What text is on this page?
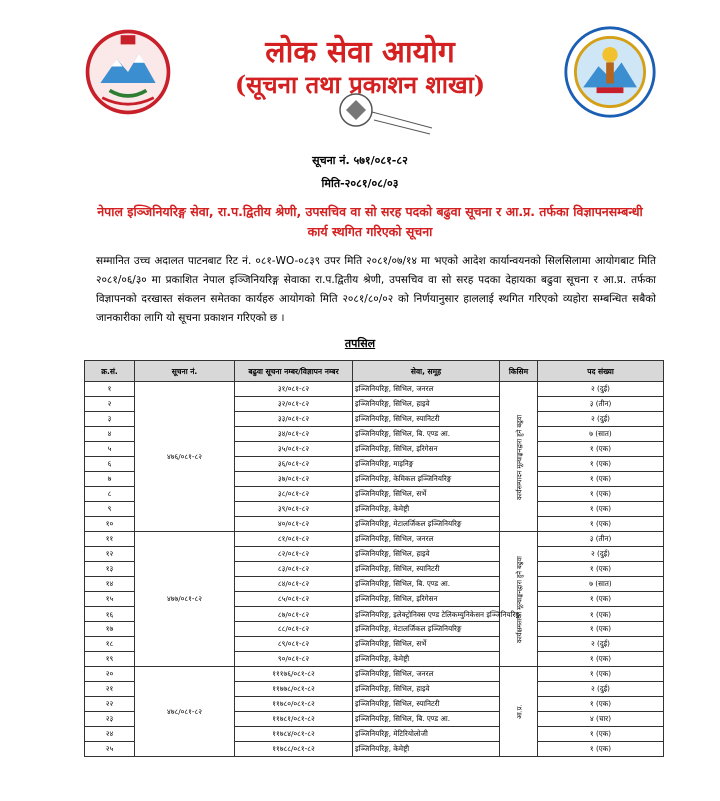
लोक सेवा आयोग
(सूचना तथा प्रकाशन शाखा)
सूचना नं. ५७१/०८१-८२
मिति-२०८१/०८/०३
नेपाल इञ्जिनियरिङ्ग सेवा, रा.प.द्वितीय श्रेणी, उपसचिव वा सो सरह पदको बढुवा सूचना र आ.प्र. तर्फका विज्ञापनसम्बन्धी कार्य स्थगित गरिएको सूचना
सम्मानित उच्च अदालत पाटनबाट रिट नं. ०८१-WO-०८३९ उपर मिति २०८१/०७/१४ मा भएको आदेश कार्यान्वयनको सिलसिलामा आयोगबाट मिति २०८१/०६/३० मा प्रकाशित नेपाल इञ्जिनियरिङ्ग सेवाका रा.प.द्वितीय श्रेणी, उपसचिव वा सो सरह पदका देहायका बढुवा सूचना र आ.प्र. तर्फका विज्ञापनको दरखास्त संकलन समेतका कार्यहरु आयोगको मिति २०८१/८०/०२ को निर्णयानुसार हाललाई स्थगित गरिएको व्यहोरा सम्बन्धित सबैको जानकारीका लागि यो सूचना प्रकाशन गरिएको छ ।
तपसिल
क्र.सं.	सूचना नं.	बढुवा सूचना नम्बर/विज्ञापन नम्बर	सेवा, समूह	किसिम	पद संख्या
१	४७६/०८१-८२	३१/०८१-८२	इञ्जिनियरिङ्ग, सिभिल, जनरल	कार्यसम्पादन मूल्याङ्कनद्वारा हुने बढुवा	२ (दुई)
२		३२/०८१-८२	इञ्जिनियरिङ्ग, सिभिल, हाइवे		३ (तीन)
३		३३/०८१-८२	इञ्जिनियरिङ्ग, सिभिल, स्यानिटरी		२ (दुई)
४		३४/०८१-८२	इञ्जिनियरिङ्ग, सिभिल, बि. एण्ड आ.		७ (सात)
५		३५/०८१-८२	इञ्जिनियरिङ्ग, सिभिल, इरिगेसन		१ (एक)
६		३६/०८१-८२	इञ्जिनियरिङ्ग, माइनिङ्ग		१ (एक)
७		३७/०८१-८२	इञ्जिनियरिङ्ग, केमिकल इञ्जिनियरिङ्ग		१ (एक)
८		३८/०८१-८२	इञ्जिनियरिङ्ग, सिभिल, सर्भे		१ (एक)
९		३९/०८१-८२	इञ्जिनियरिङ्ग, केमेष्ट्री		१ (एक)
१०		४०/०८१-८२	इञ्जिनियरिङ्ग, मेटालर्जिकल इञ्जिनियरिङ्ग		१ (एक)
११	४७७/०८१-८२	८१/०८१-८२	इञ्जिनियरिङ्ग, सिभिल, जनरल	कार्यक्षमताको मूल्याङ्कनद्वारा हुने बढुवा	३ (तीन)
१२		८२/०८१-८२	इञ्जिनियरिङ्ग, सिभिल, हाइवे		२ (दुई)
१३		८३/०८१-८२	इञ्जिनियरिङ्ग, सिभिल, स्यानिटरी		१ (एक)
१४		८४/०८१-८२	इञ्जिनियरिङ्ग, सिभिल, बि. एण्ड आ.		७ (सात)
१५		८५/०८१-८२	इञ्जिनियरिङ्ग, सिभिल, इरिगेसन		१ (एक)
१६		८७/०८१-८२	इञ्जिनियरिङ्ग, इलेक्ट्रोनिक्स एण्ड टेलिकम्युनिकेसन इञ्जिनियरिङ्ग		१ (एक)
१७		८८/०८१-८२	इञ्जिनियरिङ्ग, मेटालर्जिकल इञ्जिनियरिङ्ग		१ (एक)
१८		८९/०८१-८२	इञ्जिनियरिङ्ग, सिभिल, सर्भे		२ (दुई)
१९		९०/०८१-८२	इञ्जिनियरिङ्ग, केमेष्ट्री		१ (एक)
२०	४७८/०८१-८२	१११७६/०८१-८२	इञ्जिनियरिङ्ग, सिभिल, जनरल	आ.प्र.	१ (एक)
२१		११७७८/०८१-८२	इञ्जिनियरिङ्ग, सिभिल, हाइवे		२ (दुई)
२२		११७८०/०८१-८२	इञ्जिनियरिङ्ग, सिभिल, स्यानिटरी		१ (एक)
२३		११७८१/०८१-८२	इञ्जिनियरिङ्ग, सिभिल, बि. एण्ड आ.		४ (चार)
२४		११७८४/०८१-८२	इञ्जिनियरिङ्ग, मेटिरियोलोजी		१ (एक)
२५		११७८८/०८१-८२	इञ्जिनियरिङ्ग, केमेष्ट्री		१ (एक)
